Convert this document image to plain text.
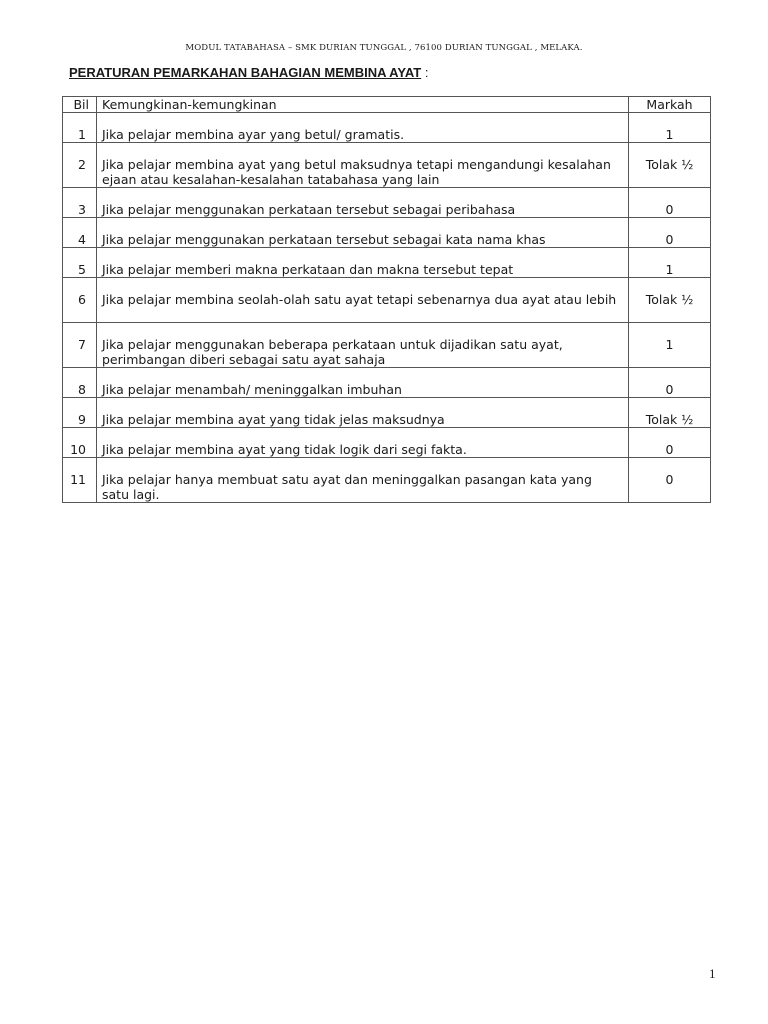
MODUL TATABAHASA – SMK DURIAN TUNGGAL , 76100 DURIAN TUNGGAL , MELAKA.
PERATURAN PEMARKAHAN BAHAGIAN MEMBINA AYAT :
Bil	Kemungkinan-kemungkinan	Markah
1	Jika pelajar membina ayar yang betul/ gramatis.	1
2	Jika pelajar membina ayat yang betul maksudnya tetapi mengandungi kesalahan ejaan atau kesalahan-kesalahan tatabahasa yang lain	Tolak ½
3	Jika pelajar menggunakan perkataan tersebut sebagai peribahasa	0
4	Jika pelajar menggunakan perkataan tersebut sebagai kata nama khas	0
5	Jika pelajar memberi makna perkataan dan makna tersebut tepat	1
6	Jika pelajar membina seolah-olah satu ayat tetapi sebenarnya dua ayat atau lebih	Tolak ½
7	Jika pelajar menggunakan beberapa perkataan untuk dijadikan satu ayat, perimbangan diberi sebagai satu ayat sahaja	1
8	Jika pelajar menambah/ meninggalkan imbuhan	0
9	Jika pelajar membina ayat yang tidak jelas maksudnya	Tolak ½
10	Jika pelajar membina ayat yang tidak logik dari segi fakta.	0
11	Jika pelajar hanya membuat satu ayat dan meninggalkan pasangan kata yang satu lagi.	0
1
